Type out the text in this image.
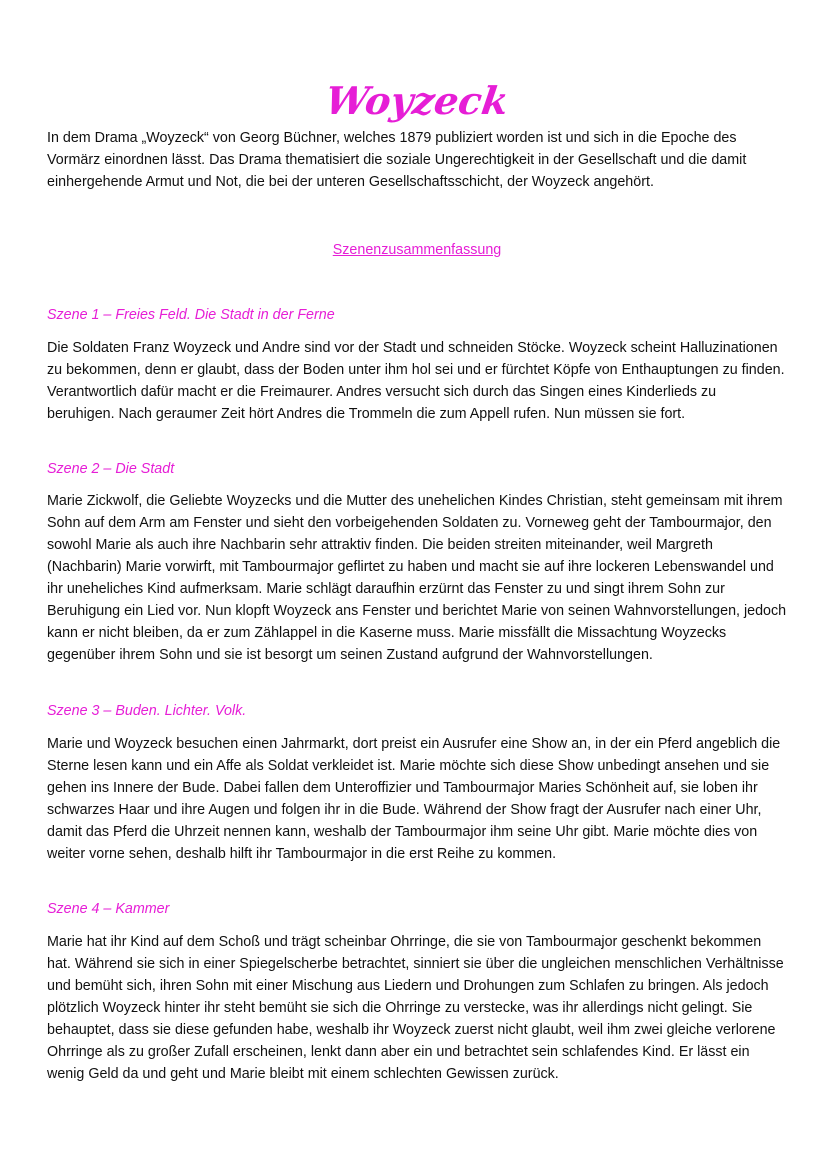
Woyzeck

In dem Drama „Woyzeck“ von Georg Büchner, welches 1879 publiziert worden ist und sich in die Epoche des Vormärz einordnen lässt. Das Drama thematisiert die soziale Ungerechtigkeit in der Gesellschaft und die damit einhergehende Armut und Not, die bei der unteren Gesellschaftsschicht, der Woyzeck angehört.

Szenenzusammenfassung

Szene 1 – Freies Feld. Die Stadt in der Ferne

Die Soldaten Franz Woyzeck und Andre sind vor der Stadt und schneiden Stöcke. Woyzeck scheint Halluzinationen zu bekommen, denn er glaubt, dass der Boden unter ihm hol sei und er fürchtet Köpfe von Enthauptungen zu finden. Verantwortlich dafür macht er die Freimaurer. Andres versucht sich durch das Singen eines Kinderlieds zu beruhigen. Nach geraumer Zeit hört Andres die Trommeln die zum Appell rufen. Nun müssen sie fort.

Szene 2 – Die Stadt

Marie Zickwolf, die Geliebte Woyzecks und die Mutter des unehelichen Kindes Christian, steht gemeinsam mit ihrem Sohn auf dem Arm am Fenster und sieht den vorbeigehenden Soldaten zu. Vorneweg geht der Tambourmajor, den sowohl Marie als auch ihre Nachbarin sehr attraktiv finden. Die beiden streiten miteinander, weil Margreth (Nachbarin) Marie vorwirft, mit Tambourmajor geflirtet zu haben und macht sie auf ihre lockeren Lebenswandel und ihr uneheliches Kind aufmerksam. Marie schlägt daraufhin erzürnt das Fenster zu und singt ihrem Sohn zur Beruhigung ein Lied vor. Nun klopft Woyzeck ans Fenster und berichtet Marie von seinen Wahnvorstellungen, jedoch kann er nicht bleiben, da er zum Zählappel in die Kaserne muss. Marie missfällt die Missachtung Woyzecks gegenüber ihrem Sohn und sie ist besorgt um seinen Zustand aufgrund der Wahnvorstellungen.

Szene 3 – Buden. Lichter. Volk.

Marie und Woyzeck besuchen einen Jahrmarkt, dort preist ein Ausrufer eine Show an, in der ein Pferd angeblich die Sterne lesen kann und ein Affe als Soldat verkleidet ist. Marie möchte sich diese Show unbedingt ansehen und sie gehen ins Innere der Bude. Dabei fallen dem Unteroffizier und Tambourmajor Maries Schönheit auf, sie loben ihr schwarzes Haar und ihre Augen und folgen ihr in die Bude. Während der Show fragt der Ausrufer nach einer Uhr, damit das Pferd die Uhrzeit nennen kann, weshalb der Tambourmajor ihm seine Uhr gibt. Marie möchte dies von weiter vorne sehen, deshalb hilft ihr Tambourmajor in die erst Reihe zu kommen.

Szene 4 – Kammer

Marie hat ihr Kind auf dem Schoß und trägt scheinbar Ohrringe, die sie von Tambourmajor geschenkt bekommen hat. Während sie sich in einer Spiegelscherbe betrachtet, sinniert sie über die ungleichen menschlichen Verhältnisse und bemüht sich, ihren Sohn mit einer Mischung aus Liedern und Drohungen zum Schlafen zu bringen. Als jedoch plötzlich Woyzeck hinter ihr steht bemüht sie sich die Ohrringe zu verstecke, was ihr allerdings nicht gelingt. Sie behauptet, dass sie diese gefunden habe, weshalb ihr Woyzeck zuerst nicht glaubt, weil ihm zwei gleiche verlorene Ohrringe als zu großer Zufall erscheinen, lenkt dann aber ein und betrachtet sein schlafendes Kind. Er lässt ein wenig Geld da und geht und Marie bleibt mit einem schlechten Gewissen zurück.
